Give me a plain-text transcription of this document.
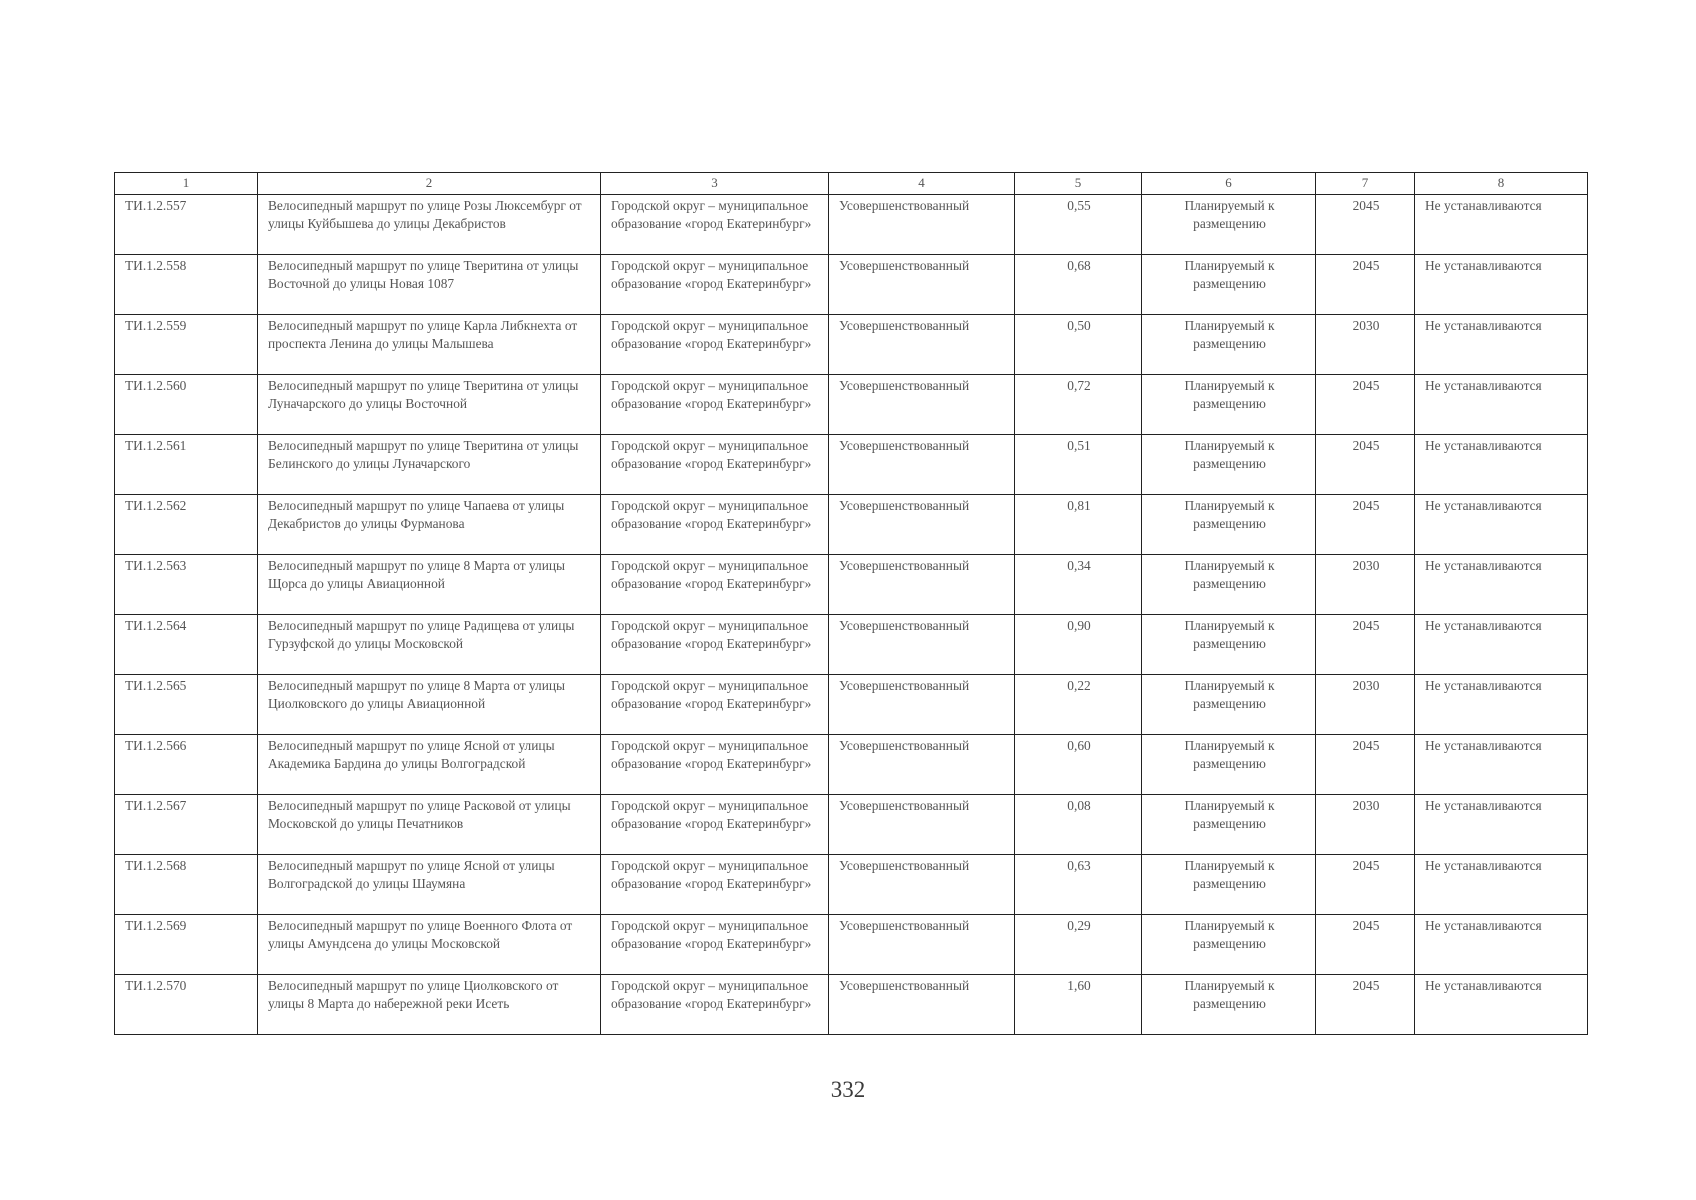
1	2	3	4	5	6	7	8
ТИ.1.2.557	Велосипедный маршрут по улице Розы Люксембург от улицы Куйбышева до улицы Декабристов	Городской округ – муниципальное образование «город Екатеринбург»	Усовершенствованный	0,55	Планируемый к размещению	2045	Не устанавливаются
ТИ.1.2.558	Велосипедный маршрут по улице Тверитина от улицы Восточной до улицы Новая 1087	Городской округ – муниципальное образование «город Екатеринбург»	Усовершенствованный	0,68	Планируемый к размещению	2045	Не устанавливаются
ТИ.1.2.559	Велосипедный маршрут по улице Карла Либкнехта от проспекта Ленина до улицы Малышева	Городской округ – муниципальное образование «город Екатеринбург»	Усовершенствованный	0,50	Планируемый к размещению	2030	Не устанавливаются
ТИ.1.2.560	Велосипедный маршрут по улице Тверитина от улицы Луначарского до улицы Восточной	Городской округ – муниципальное образование «город Екатеринбург»	Усовершенствованный	0,72	Планируемый к размещению	2045	Не устанавливаются
ТИ.1.2.561	Велосипедный маршрут по улице Тверитина от улицы Белинского до улицы Луначарского	Городской округ – муниципальное образование «город Екатеринбург»	Усовершенствованный	0,51	Планируемый к размещению	2045	Не устанавливаются
ТИ.1.2.562	Велосипедный маршрут по улице Чапаева от улицы Декабристов до улицы Фурманова	Городской округ – муниципальное образование «город Екатеринбург»	Усовершенствованный	0,81	Планируемый к размещению	2045	Не устанавливаются
ТИ.1.2.563	Велосипедный маршрут по улице 8 Марта от улицы Щорса до улицы Авиационной	Городской округ – муниципальное образование «город Екатеринбург»	Усовершенствованный	0,34	Планируемый к размещению	2030	Не устанавливаются
ТИ.1.2.564	Велосипедный маршрут по улице Радищева от улицы Гурзуфской до улицы Московской	Городской округ – муниципальное образование «город Екатеринбург»	Усовершенствованный	0,90	Планируемый к размещению	2045	Не устанавливаются
ТИ.1.2.565	Велосипедный маршрут по улице 8 Марта от улицы Циолковского до улицы Авиационной	Городской округ – муниципальное образование «город Екатеринбург»	Усовершенствованный	0,22	Планируемый к размещению	2030	Не устанавливаются
ТИ.1.2.566	Велосипедный маршрут по улице Ясной от улицы Академика Бардина до улицы Волгоградской	Городской округ – муниципальное образование «город Екатеринбург»	Усовершенствованный	0,60	Планируемый к размещению	2045	Не устанавливаются
ТИ.1.2.567	Велосипедный маршрут по улице Расковой от улицы Московской до улицы Печатников	Городской округ – муниципальное образование «город Екатеринбург»	Усовершенствованный	0,08	Планируемый к размещению	2030	Не устанавливаются
ТИ.1.2.568	Велосипедный маршрут по улице Ясной от улицы Волгоградской до улицы Шаумяна	Городской округ – муниципальное образование «город Екатеринбург»	Усовершенствованный	0,63	Планируемый к размещению	2045	Не устанавливаются
ТИ.1.2.569	Велосипедный маршрут по улице Военного Флота от улицы Амундсена до улицы Московской	Городской округ – муниципальное образование «город Екатеринбург»	Усовершенствованный	0,29	Планируемый к размещению	2045	Не устанавливаются
ТИ.1.2.570	Велосипедный маршрут по улице Циолковского от улицы 8 Марта до набережной реки Исеть	Городской округ – муниципальное образование «город Екатеринбург»	Усовершенствованный	1,60	Планируемый к размещению	2045	Не устанавливаются
332
